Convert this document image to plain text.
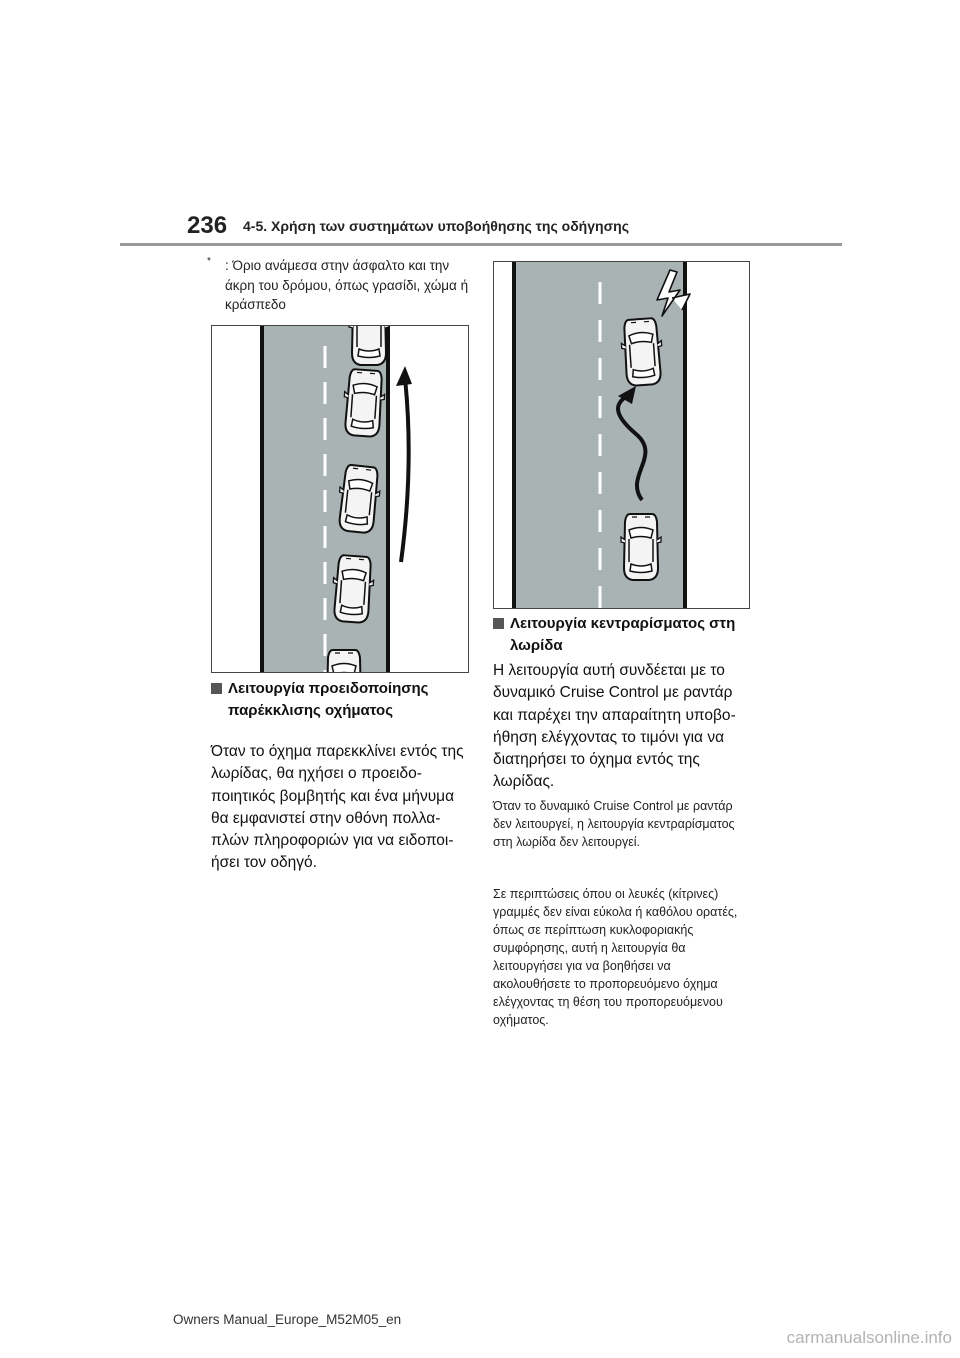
236 4-5. Χρήση των συστημάτων υποβοήθησης της οδήγησης
*	: Όριο ανάμεσα στην άσφαλτο και την άκρη του δρόμου, όπως γρασίδι, χώμα ή κράσπεδο
Λειτουργία προειδοποίησης παρέκκλισης οχήματος
Όταν το όχημα παρεκκλίνει εντός της λωρίδας, θα ηχήσει ο προειδοποιητικός βομβητής και ένα μήνυμα θα εμφανιστεί στην οθόνη πολλαπλών πληροφοριών για να ειδοποιήσει τον οδηγό.
Λειτουργία κεντραρίσματος στη λωρίδα
Η λειτουργία αυτή συνδέεται με το δυναμικό Cruise Control με ραντάρ και παρέχει την απαραίτητη υποβοήθηση ελέγχοντας το τιμόνι για να διατηρήσει το όχημα εντός της λωρίδας.
Όταν το δυναμικό Cruise Control με ραντάρ δεν λειτουργεί, η λειτουργία κεντραρίσματος στη λωρίδα δεν λειτουργεί.
Σε περιπτώσεις όπου οι λευκές (κίτρινες) γραμμές δεν είναι εύκολα ή καθόλου ορατές, όπως σε περίπτωση κυκλοφοριακής συμφόρησης, αυτή η λειτουργία θα λειτουργήσει για να βοηθήσει να ακολουθήσετε το προπορευόμενο όχημα ελέγχοντας τη θέση του προπορευόμενου οχήματος.
Owners Manual_Europe_M52M05_en
carmanualsonline.info
